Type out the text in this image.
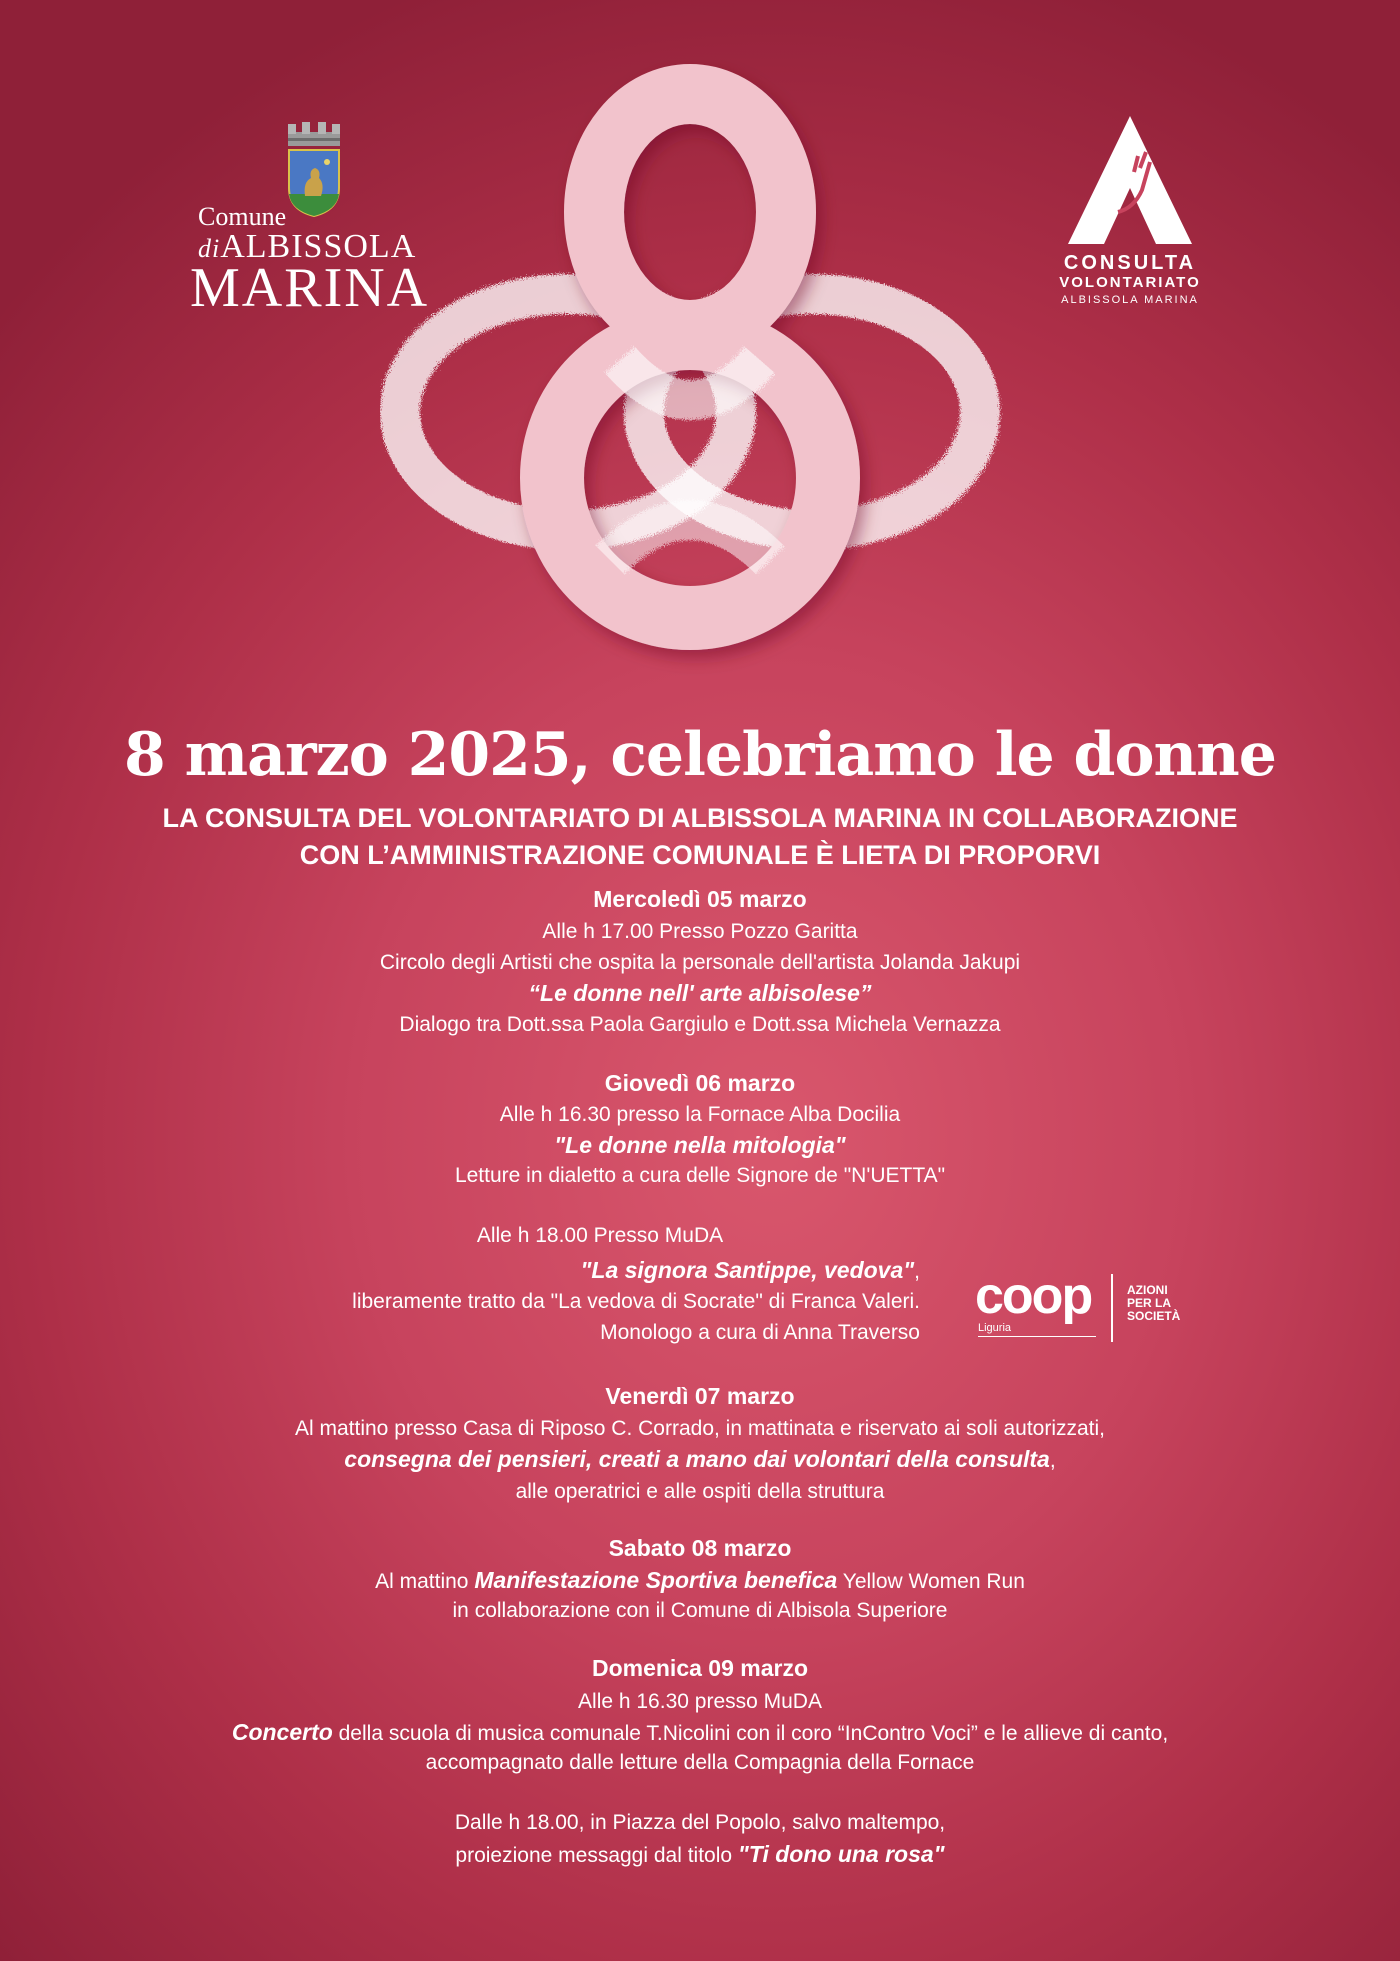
Comune
diALBISSOLA
MARINA	CONSULTA
VOLONTARIATO
ALBISSOLA MARINA
8 marzo 2025, celebriamo le donne
LA CONSULTA DEL VOLONTARIATO DI ALBISSOLA MARINA IN COLLABORAZIONE
CON L’AMMINISTRAZIONE COMUNALE È LIETA DI PROPORVI
Mercoledì 05 marzo
Alle h 17.00 Presso Pozzo Garitta
Circolo degli Artisti che ospita la personale dell'artista Jolanda Jakupi
“Le donne nell' arte albisolese”
Dialogo tra Dott.ssa Paola Gargiulo e Dott.ssa Michela Vernazza
Giovedì 06 marzo
Alle h 16.30 presso la Fornace Alba Docilia
"Le donne nella mitologia"
Letture in dialetto a cura delle Signore de "N'UETTA"
Alle h 18.00 Presso MuDA
"La signora Santippe, vedova",
liberamente tratto da "La vedova di Socrate" di Franca Valeri.
Monologo a cura di Anna Traverso
coop
Liguria
AZIONI
PER LA
SOCIETÀ
Venerdì 07 marzo
Al mattino presso Casa di Riposo C. Corrado, in mattinata e riservato ai soli autorizzati,
consegna dei pensieri, creati a mano dai volontari della consulta,
alle operatrici e alle ospiti della struttura
Sabato 08 marzo
Al mattino Manifestazione Sportiva benefica Yellow Women Run
in collaborazione con il Comune di Albisola Superiore
Domenica 09 marzo
Alle h 16.30 presso MuDA
Concerto della scuola di musica comunale T.Nicolini con il coro “InContro Voci” e le allieve di canto,
accompagnato dalle letture della Compagnia della Fornace
Dalle h 18.00, in Piazza del Popolo, salvo maltempo,
proiezione messaggi dal titolo "Ti dono una rosa"
